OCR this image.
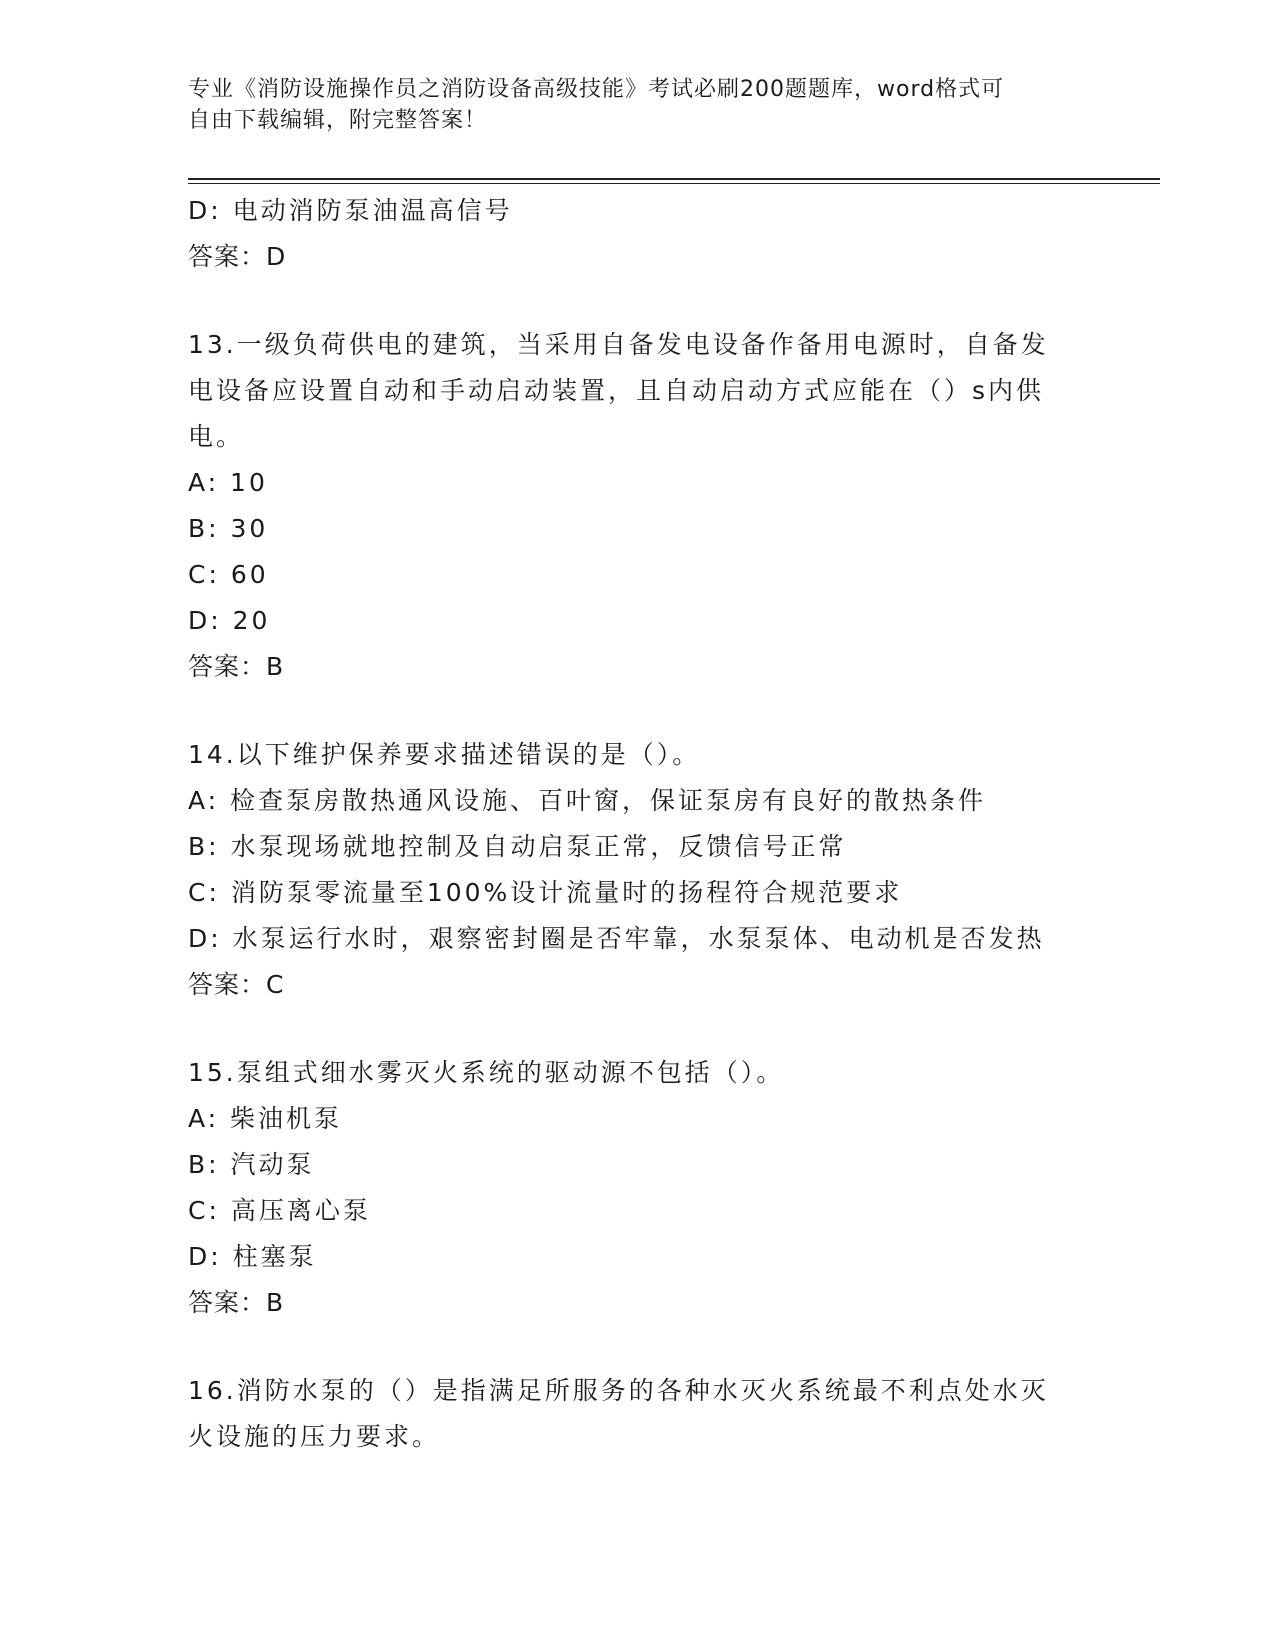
专业《消防设施操作员之消防设备高级技能》考试必刷200题题库，word格式可
自由下载编辑，附完整答案！
D: 电动消防泵油温高信号
答案：D
13.一级负荷供电的建筑，当采用自备发电设备作备用电源时，自备发
电设备应设置自动和手动启动装置，且自动启动方式应能在（）s内供
电。
A: 10
B: 30
C: 60
D: 20
答案：B
14.以下维护保养要求描述错误的是（）。
A: 检查泵房散热通风设施、百叶窗，保证泵房有良好的散热条件
B: 水泵现场就地控制及自动启泵正常，反馈信号正常
C: 消防泵零流量至100%设计流量时的扬程符合规范要求
D: 水泵运行水时，艰察密封圈是否牢靠，水泵泵体、电动机是否发热
答案：C
15.泵组式细水雾灭火系统的驱动源不包括（）。
A: 柴油机泵
B: 汽动泵
C: 高压离心泵
D: 柱塞泵
答案：B
16.消防水泵的（）是指满足所服务的各种水灭火系统最不利点处水灭
火设施的压力要求。
